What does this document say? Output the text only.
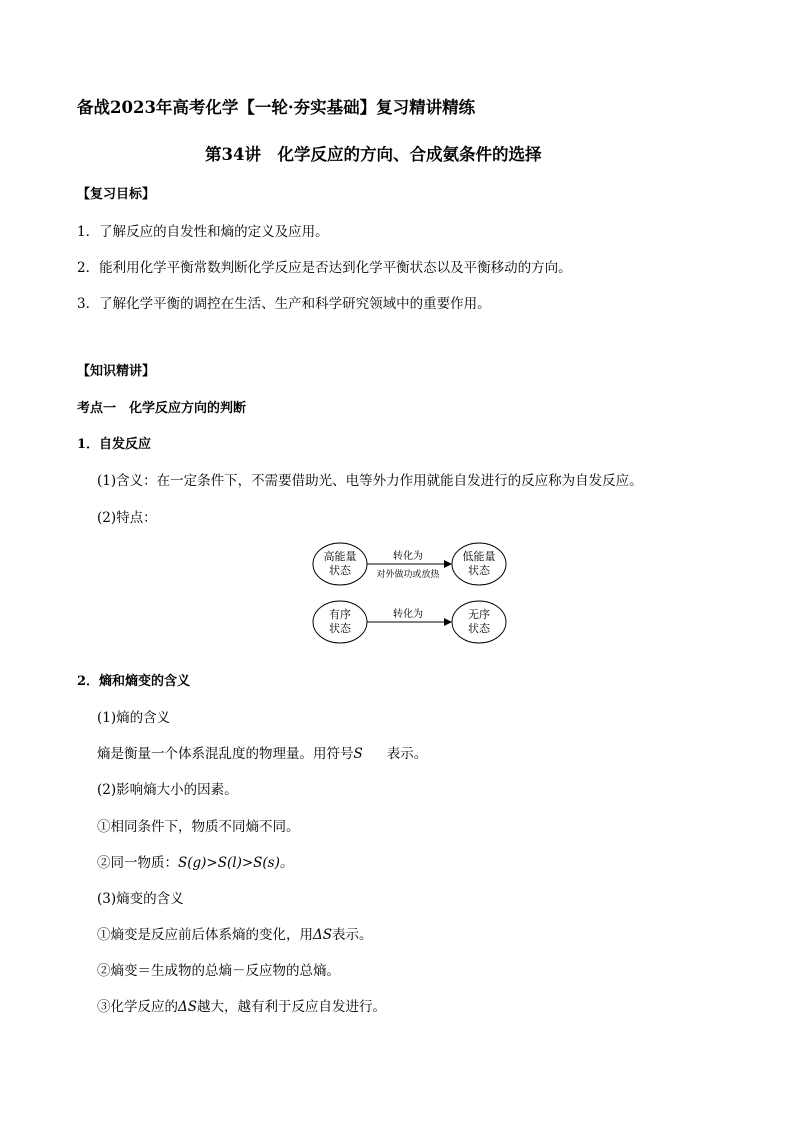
备战2023年高考化学【一轮·夯实基础】复习精讲精练
第34讲　化学反应的方向、合成氨条件的选择
【复习目标】
1．了解反应的自发性和熵的定义及应用。
2．能利用化学平衡常数判断化学反应是否达到化学平衡状态以及平衡移动的方向。
3．了解化学平衡的调控在生活、生产和科学研究领域中的重要作用。
【知识精讲】
考点一　化学反应方向的判断
1．自发反应
(1)含义：在一定条件下，不需要借助光、电等外力作用就能自发进行的反应称为自发反应。
(2)特点：
高能量
状态
低能量
状态
转化为
对外做功或放热
有序
状态
无序
状态
转化为
2．熵和熵变的含义
(1)熵的含义
熵是衡量一个体系混乱度的物理量。用符号S 表示。
(2)影响熵大小的因素。
①相同条件下，物质不同熵不同。
②同一物质：S(g)>S(l)>S(s)。
(3)熵变的含义
①熵变是反应前后体系熵的变化，用ΔS表示。
②熵变＝生成物的总熵－反应物的总熵。
③化学反应的ΔS越大，越有利于反应自发进行。
